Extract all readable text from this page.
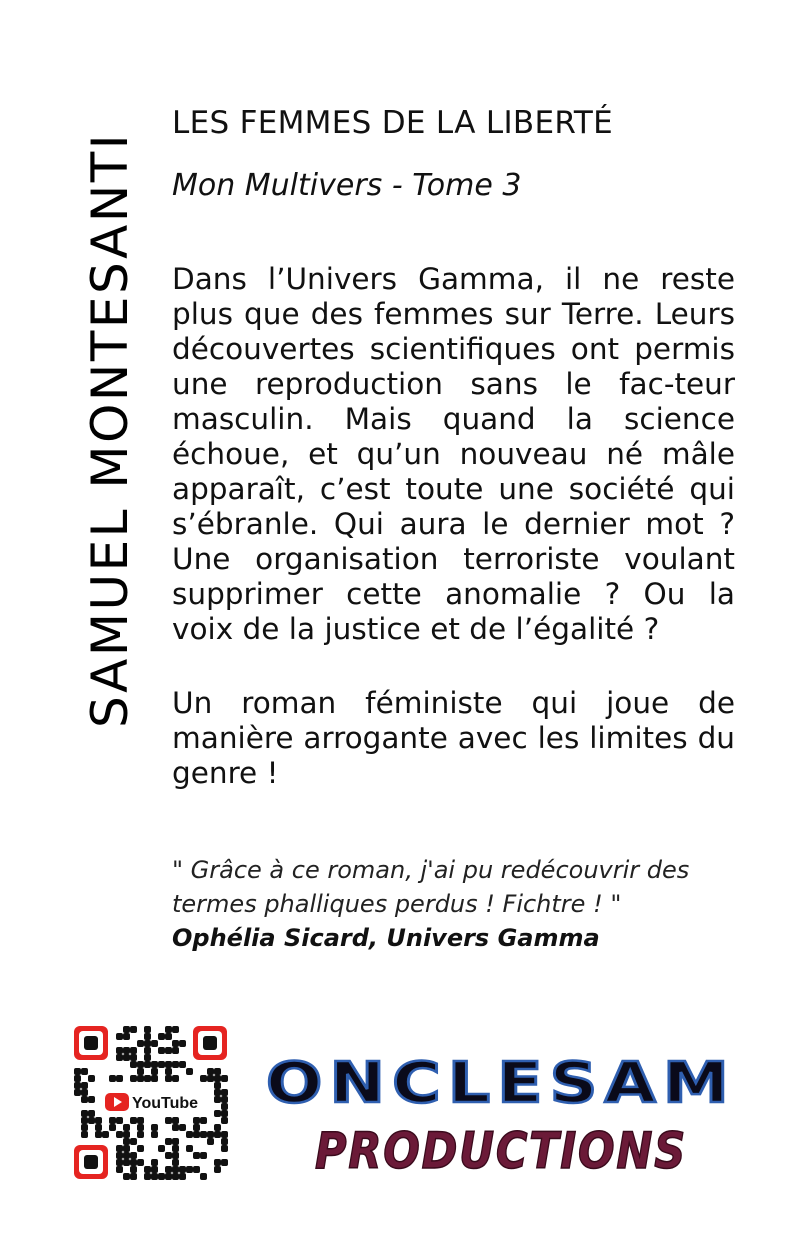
SAMUEL MONTESANTI
LES FEMMES DE LA LIBERTÉ
Mon Multivers - Tome 3

Dans l’Univers Gamma, il ne reste plus que des femmes sur Terre. Leurs découvertes scientifiques ont permis une reproduction sans le fac-teur masculin. Mais quand la science échoue, et qu’un nouveau né mâle apparaît, c’est toute une société qui s’ébranle. Qui aura le dernier mot ? Une organisation terroriste voulant supprimer cette anomalie ? Ou la voix de la justice et de l’égalité ?

Un roman féministe qui joue de manière arrogante avec les limites du genre !

" Grâce à ce roman, j'ai pu redécouvrir des termes phalliques perdus ! Fichtre ! "

Ophélia Sicard, Univers Gamma
YouTube ONCLESAM
PRODUCTIONS
